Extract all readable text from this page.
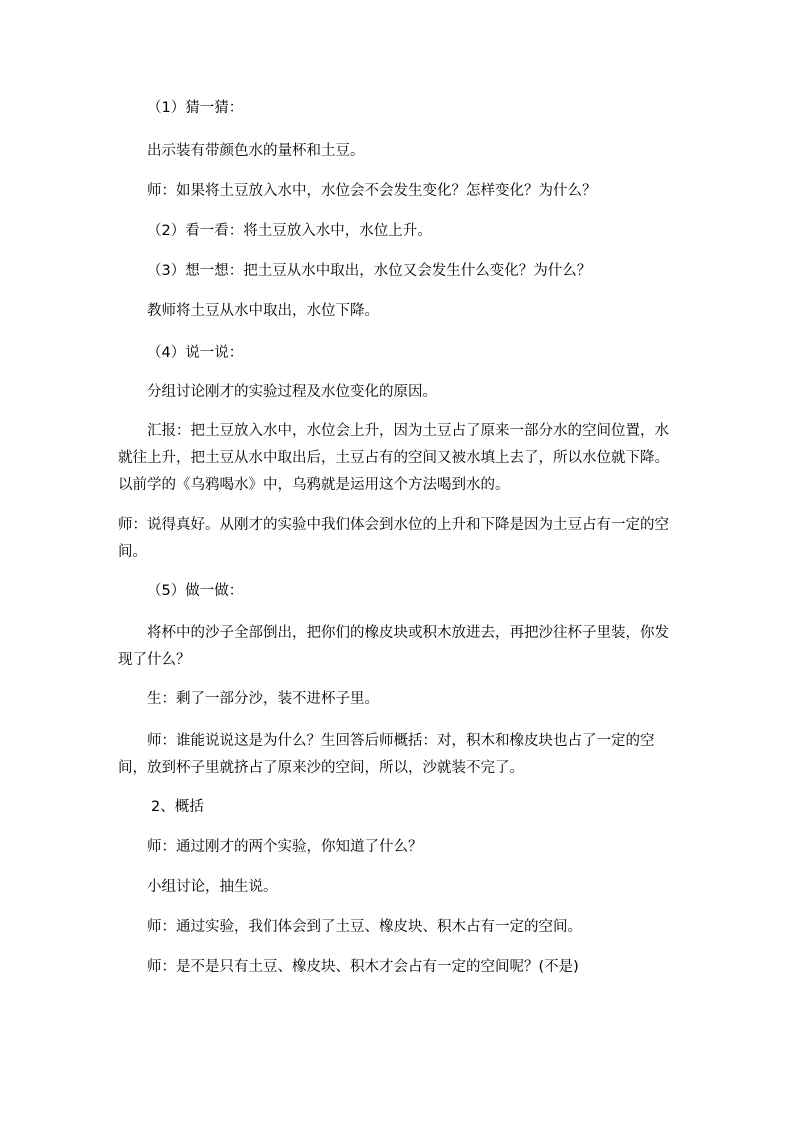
（1）猜一猜：
出示装有带颜色水的量杯和土豆。
师：如果将土豆放入水中，水位会不会发生变化？怎样变化？为什么？
（2）看一看：将土豆放入水中，水位上升。
（3）想一想：把土豆从水中取出，水位又会发生什么变化？为什么？
教师将土豆从水中取出，水位下降。
（4）说一说：
分组讨论刚才的实验过程及水位变化的原因。
汇报：把土豆放入水中，水位会上升，因为土豆占了原来一部分水的空间位置，水就往上升，把土豆从水中取出后，土豆占有的空间又被水填上去了，所以水位就下降。以前学的《乌鸦喝水》中，乌鸦就是运用这个方法喝到水的。
师：说得真好。从刚才的实验中我们体会到水位的上升和下降是因为土豆占有一定的空间。
（5）做一做：
将杯中的沙子全部倒出，把你们的橡皮块或积木放进去，再把沙往杯子里装，你发现了什么？
生：剩了一部分沙，装不进杯子里。
师：谁能说说这是为什么？生回答后师概括：对，积木和橡皮块也占了一定的空间，放到杯子里就挤占了原来沙的空间，所以，沙就装不完了。
2、概括
师：通过刚才的两个实验，你知道了什么？
小组讨论，抽生说。
师：通过实验，我们体会到了土豆、橡皮块、积木占有一定的空间。
师：是不是只有土豆、橡皮块、积木才会占有一定的空间呢？(不是)
